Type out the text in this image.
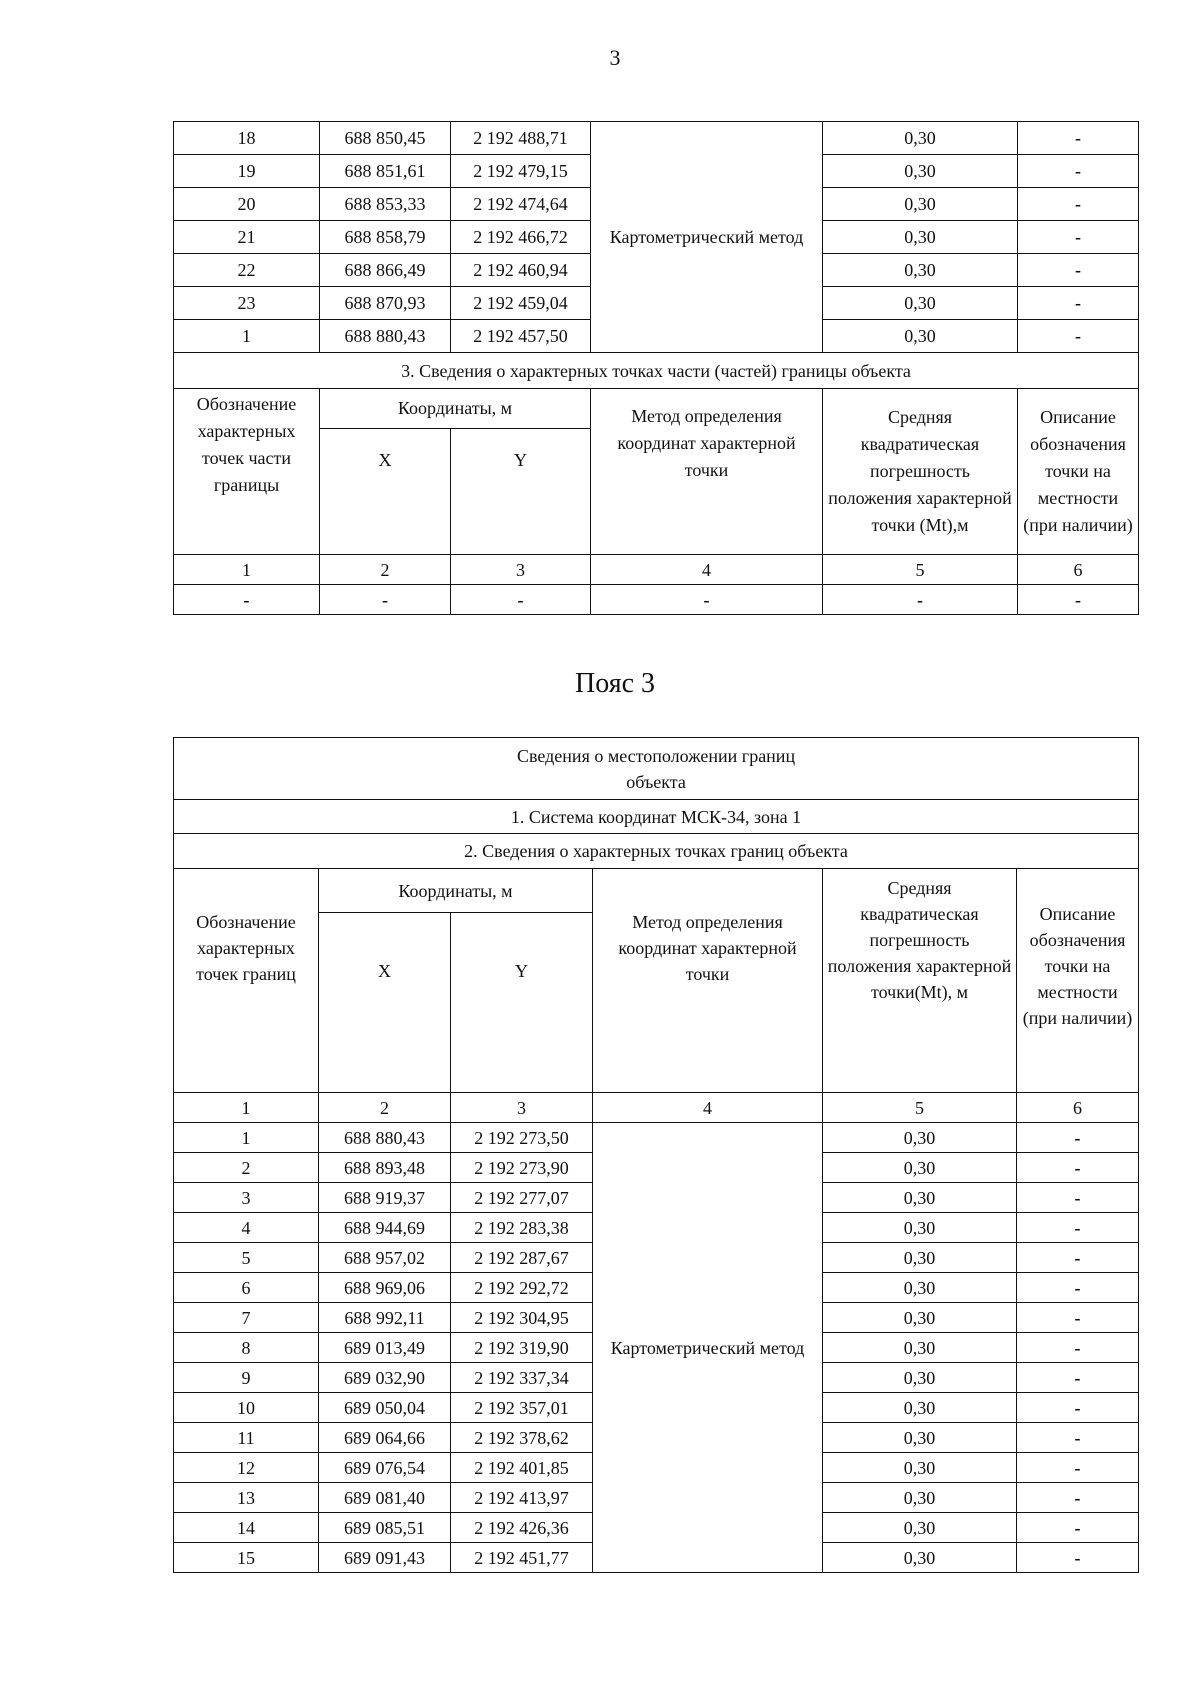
3
18	688 850,45	2 192 488,71	Картометрический метод	0,30	-
19	688 851,61	2 192 479,15		0,30	-
20	688 853,33	2 192 474,64		0,30	-
21	688 858,79	2 192 466,72		0,30	-
22	688 866,49	2 192 460,94		0,30	-
23	688 870,93	2 192 459,04		0,30	-
1	688 880,43	2 192 457,50		0,30	-
3. Сведения о характерных точках части (частей) границы объекта					
Обозначение характерных точек части границы	Координаты, м		Метод определения координат характерной точки	Средняя квадратическая погрешность положения характерной точки (Mt),м	Описание обозначения точки на местности (при наличии)
	X	Y			
1	2	3	4	5	6
-	-	-	-	-	-
Пояс 3
Сведения о местоположении границ объекта					
1. Система координат МСК-34, зона 1					
2. Сведения о характерных точках границ объекта					
Обозначение характерных точек границ	Координаты, м		Метод определения координат характерной точки	Средняя квадратическая погрешность положения характерной точки(Mt), м	Описание обозначения точки на местности (при наличии)
	X	Y			
1	2	3	4	5	6
1	688 880,43	2 192 273,50	Картометрический метод	0,30	-
2	688 893,48	2 192 273,90		0,30	-
3	688 919,37	2 192 277,07		0,30	-
4	688 944,69	2 192 283,38		0,30	-
5	688 957,02	2 192 287,67		0,30	-
6	688 969,06	2 192 292,72		0,30	-
7	688 992,11	2 192 304,95		0,30	-
8	689 013,49	2 192 319,90		0,30	-
9	689 032,90	2 192 337,34		0,30	-
10	689 050,04	2 192 357,01		0,30	-
11	689 064,66	2 192 378,62		0,30	-
12	689 076,54	2 192 401,85		0,30	-
13	689 081,40	2 192 413,97		0,30	-
14	689 085,51	2 192 426,36		0,30	-
15	689 091,43	2 192 451,77		0,30	-
